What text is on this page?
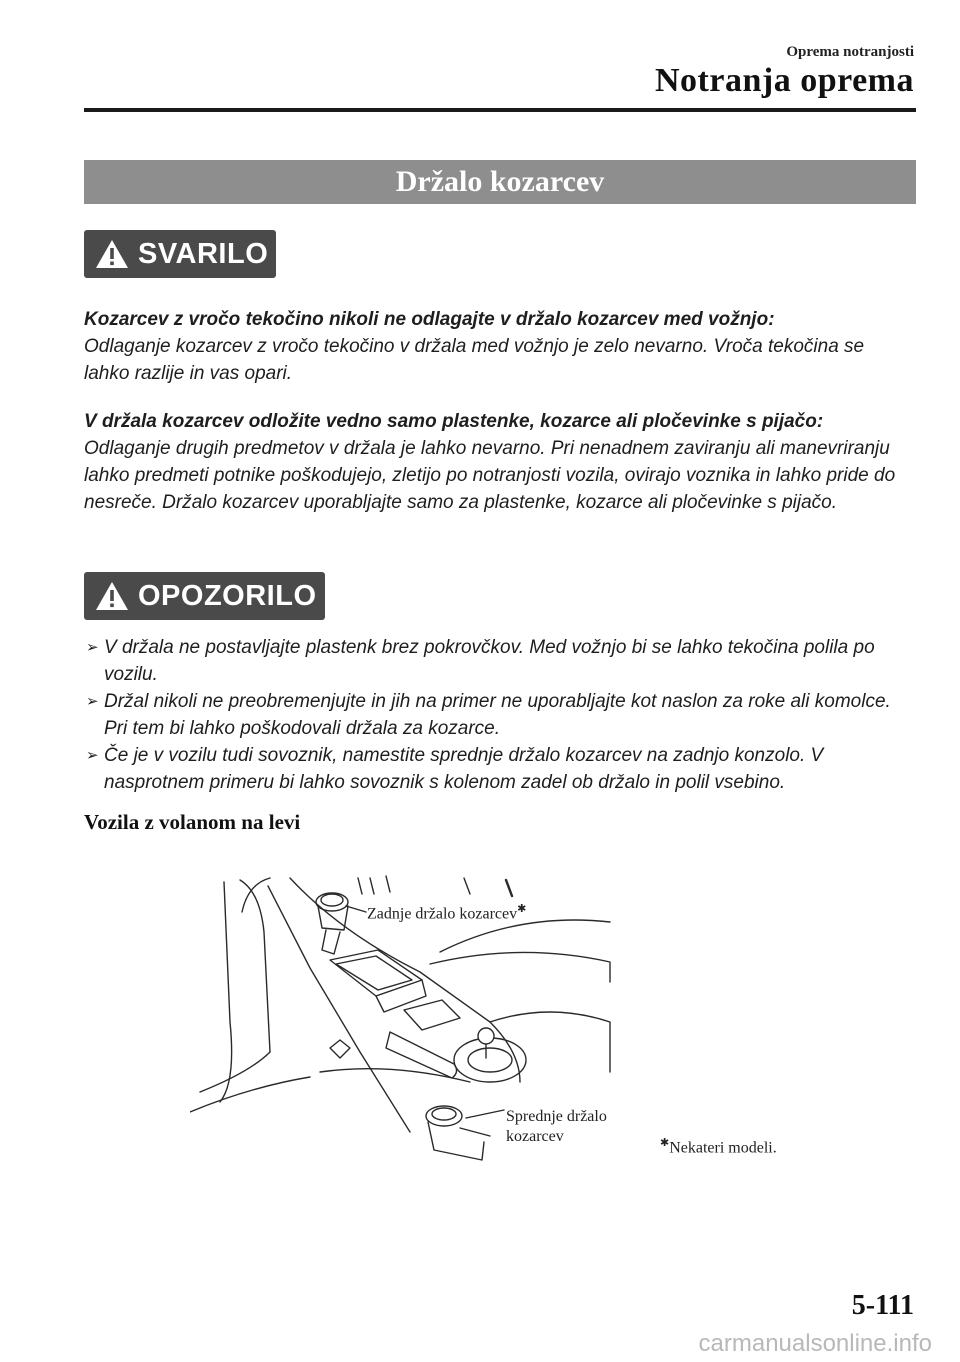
Oprema notranjosti
Notranja oprema
Držalo kozarcev
SVARILO
Kozarcev z vročo tekočino nikoli ne odlagajte v držalo kozarcev med vožnjo:
Odlaganje kozarcev z vročo tekočino v držala med vožnjo je zelo nevarno. Vroča tekočina se lahko razlije in vas opari.
V držala kozarcev odložite vedno samo plastenke, kozarce ali pločevinke s pijačo:
Odlaganje drugih predmetov v držala je lahko nevarno. Pri nenadnem zaviranju ali manevriranju lahko predmeti potnike poškodujejo, zletijo po notranjosti vozila, ovirajo voznika in lahko pride do nesreče. Držalo kozarcev uporabljajte samo za plastenke, kozarce ali pločevinke s pijačo.
OPOZORILO
➢ V držala ne postavljajte plastenk brez pokrovčkov. Med vožnjo bi se lahko tekočina polila po vozilu.
➢ Držal nikoli ne preobremenjujte in jih na primer ne uporabljajte kot naslon za roke ali komolce. Pri tem bi lahko poškodovali držala za kozarce.
➢ Če je v vozilu tudi sovoznik, namestite sprednje držalo kozarcev na zadnjo konzolo. V nasprotnem primeru bi lahko sovoznik s kolenom zadel ob držalo in polil vsebino.
Vozila z volanom na levi
Zadnje držalo kozarcev✱
Sprednje držalo
kozarcev	✱Nekateri modeli.
5-111
carmanualsonline.info
